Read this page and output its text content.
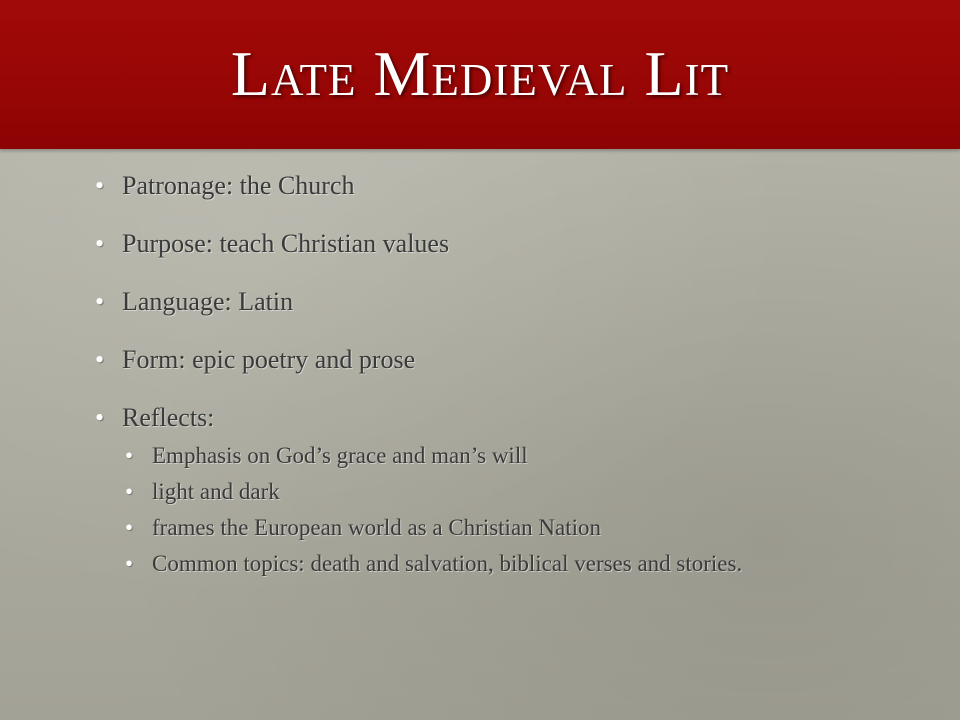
Late Medieval Lit
• Patronage: the Church
• Purpose: teach Christian values
• Language: Latin
• Form: epic poetry and prose
• Reflects:
• Emphasis on God’s grace and man’s will
• light and dark
• frames the European world as a Christian Nation
• Common topics: death and salvation, biblical verses and stories.
